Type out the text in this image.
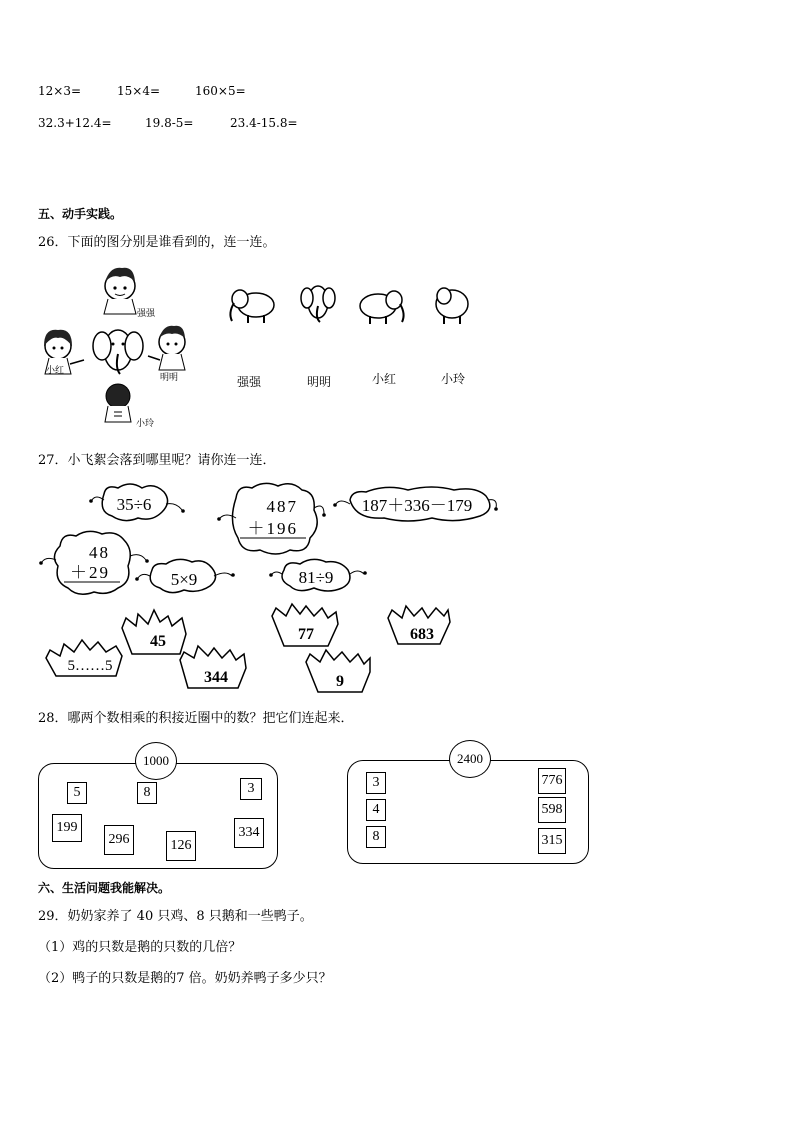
12×3=	15×4=	160×5=
32.3+12.4=	19.8-5=	23.4-15.8=
五、动手实践。
26．下面的图分别是谁看到的，连一连。
强强
小红
明明
小玲
强强	明明	小红	小玲
27．小飞絮会落到哪里呢？请你连一连．
35÷6	487
＋196
187＋336－179
48
＋29	5×9	81÷9
45	77	683
5……5
344	9
28．哪两个数相乘的积接近圈中的数？把它们连起来．
1000
5	8	3
199
296	126
334
2400
3
4
8
776
598
315
六、生活问题我能解决。
29．奶奶家养了 40 只鸡、8 只鹅和一些鸭子。
（1）鸡的只数是鹅的只数的几倍？
（2）鸭子的只数是鹅的7 倍。奶奶养鸭子多少只？
